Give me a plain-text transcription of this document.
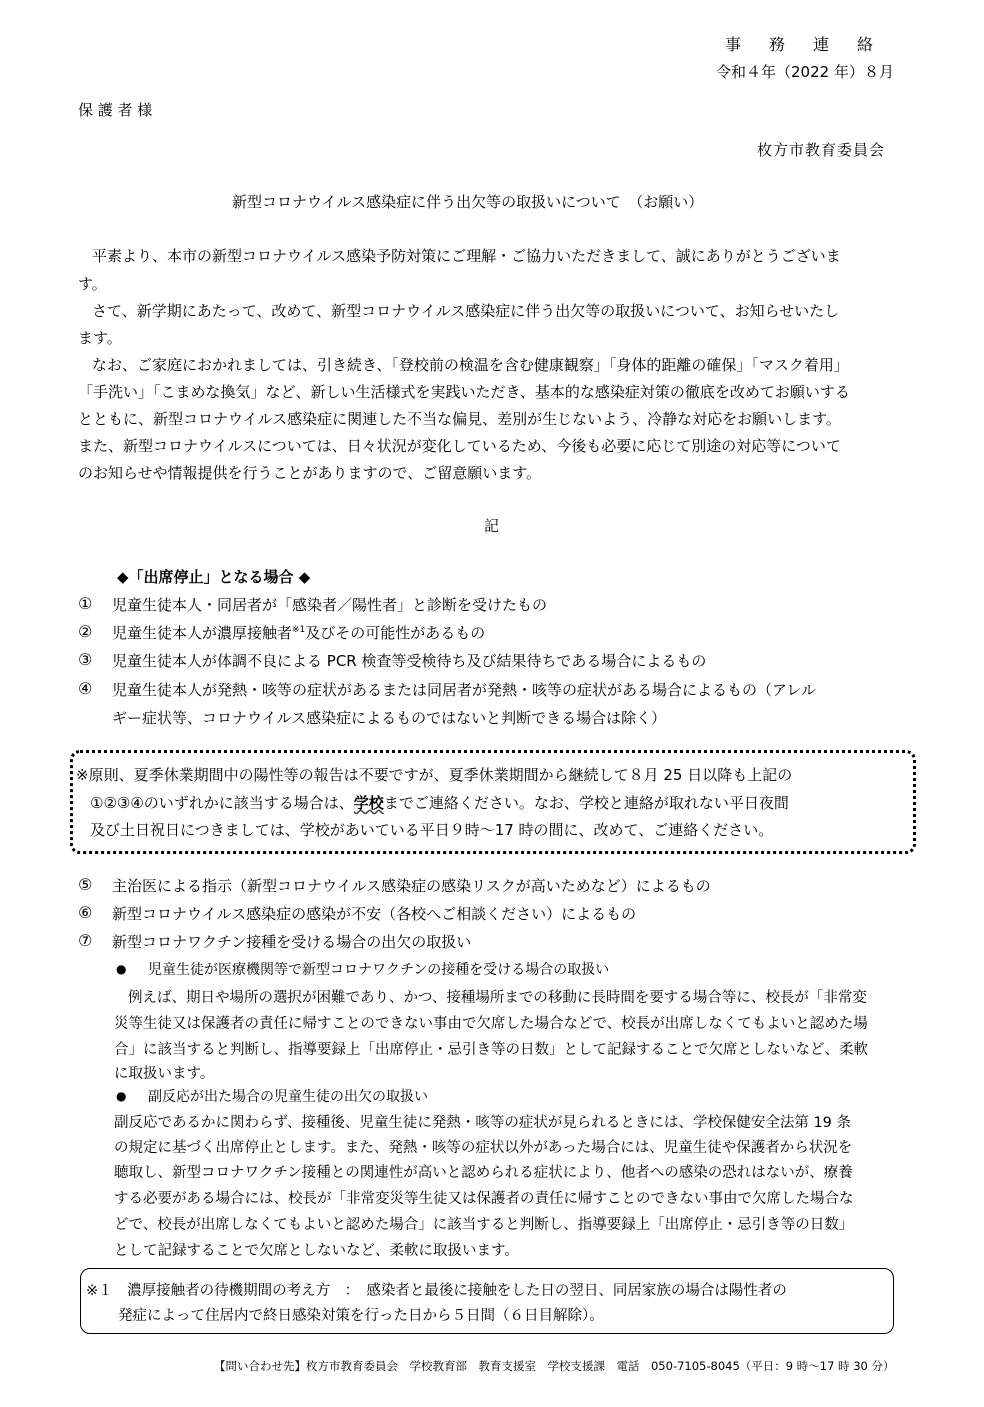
事　務　連　絡
令和４年（2022 年）８月
保 護 者 様
枚方市教育委員会
新型コロナウイルス感染症に伴う出欠等の取扱いについて　（お願い）
平素より、本市の新型コロナウイルス感染予防対策にご理解・ご協力いただきまして、誠にありがとうございま
す。
さて、新学期にあたって、改めて、新型コロナウイルス感染症に伴う出欠等の取扱いについて、お知らせいたし
ます。
なお、ご家庭におかれましては、引き続き、「登校前の検温を含む健康観察」「身体的距離の確保」「マスク着用」
「手洗い」「こまめな換気」など、新しい生活様式を実践いただき、基本的な感染症対策の徹底を改めてお願いする
とともに、新型コロナウイルス感染症に関連した不当な偏見、差別が生じないよう、冷静な対応をお願いします。
また、新型コロナウイルスについては、日々状況が変化しているため、今後も必要に応じて別途の対応等について
のお知らせや情報提供を行うことがありますので、ご留意願います。
記
◆「出席停止」となる場合 ◆
① 児童生徒本人・同居者が「感染者／陽性者」と診断を受けたもの
② 児童生徒本人が濃厚接触者$^{※1}$及びその可能性があるもの
③ 児童生徒本人が体調不良による PCR 検査等受検待ち及び結果待ちである場合によるもの
④ 児童生徒本人が発熱・咳等の症状があるまたは同居者が発熱・咳等の症状がある場合によるもの（アレル
ギー症状等、コロナウイルス感染症によるものではないと判断できる場合は除く）
※原則、夏季休業期間中の陽性等の報告は不要ですが、夏季休業期間から継続して８月 25 日以降も上記の
①②③④のいずれかに該当する場合は、学校までご連絡ください。なお、学校と連絡が取れない平日夜間
及び土日祝日につきましては、学校があいている平日９時～17 時の間に、改めて、ご連絡ください。
⑤ 主治医による指示（新型コロナウイルス感染症の感染リスクが高いためなど）によるもの
⑥ 新型コロナウイルス感染症の感染が不安（各校へご相談ください）によるもの
⑦ 新型コロナワクチン接種を受ける場合の出欠の取扱い
● 児童生徒が医療機関等で新型コロナワクチンの接種を受ける場合の取扱い
例えば、期日や場所の選択が困難であり、かつ、接種場所までの移動に長時間を要する場合等に、校長が「非常変
災等生徒又は保護者の責任に帰すことのできない事由で欠席した場合などで、校長が出席しなくてもよいと認めた場
合」に該当すると判断し、指導要録上「出席停止・忌引き等の日数」として記録することで欠席としないなど、柔軟
に取扱います。
● 副反応が出た場合の児童生徒の出欠の取扱い
副反応であるかに関わらず、接種後、児童生徒に発熱・咳等の症状が見られるときには、学校保健安全法第 19 条
の規定に基づく出席停止とします。また、発熱・咳等の症状以外があった場合には、児童生徒や保護者から状況を
聴取し、新型コロナワクチン接種との関連性が高いと認められる症状により、他者への感染の恐れはないが、療養
する必要がある場合には、校長が「非常変災等生徒又は保護者の責任に帰すことのできない事由で欠席した場合な
どで、校長が出席しなくてもよいと認めた場合」に該当すると判断し、指導要録上「出席停止・忌引き等の日数」
として記録することで欠席としないなど、柔軟に取扱います。
※１　濃厚接触者の待機期間の考え方　：　感染者と最後に接触をした日の翌日、同居家族の場合は陽性者の
発症によって住居内で終日感染対策を行った日から５日間（６日目解除）。
【問い合わせ先】枚方市教育委員会　学校教育部　教育支援室　学校支援課　電話　050-7105-8045（平日：9 時～17 時 30 分）
